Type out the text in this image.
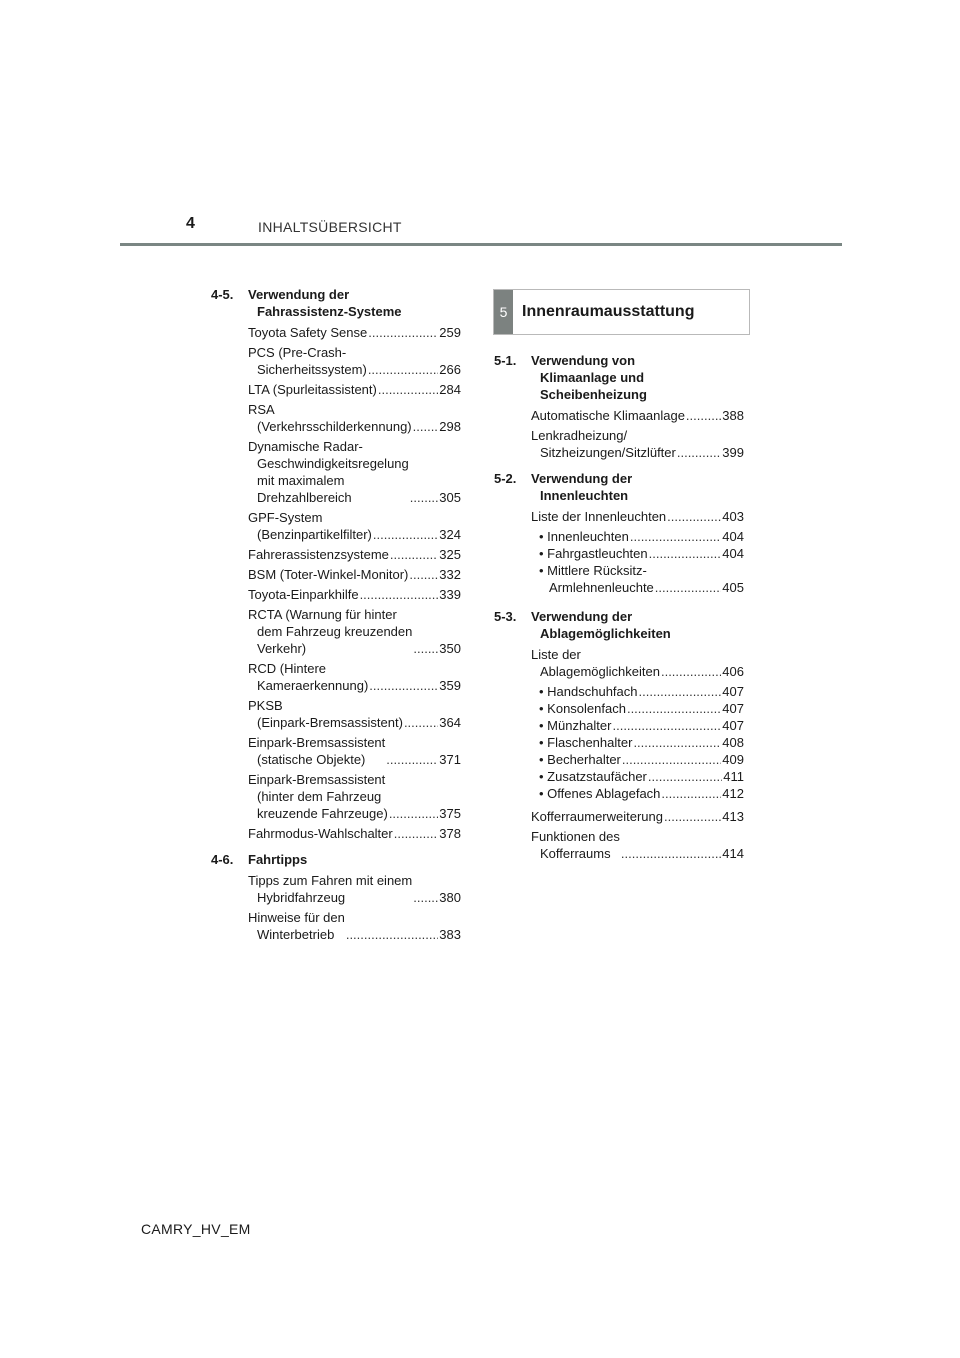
4	INHALTSÜBERSICHT
4-5.	Verwendung der
Fahrassistenz-Systeme
Toyota Safety Sense .....	259
PCS (Pre-Crash-
Sicherheitssystem) .....	266
LTA (Spurleitassistent) .....	284
RSA
(Verkehrsschilderkennung) ..... 298
Dynamische Radar-
Geschwindigkeitsregelung
mit maximalem
Drehzahlbereich .....	305
GPF-System
(Benzinpartikelfilter) .....	324
Fahrerassistenzsysteme .....	325
BSM (Toter-Winkel-Monitor) ..... 332
Toyota-Einparkhilfe .....	339
RCTA (Warnung für hinter
dem Fahrzeug kreuzenden
Verkehr) .....	350
RCD (Hintere
Kameraerkennung) .....	359
PKSB
(Einpark-Bremsassistent) .....	364
Einpark-Bremsassistent
(statische Objekte) .....	371
Einpark-Bremsassistent
(hinter dem Fahrzeug
kreuzende Fahrzeuge) .....	375
Fahrmodus-Wahlschalter .....	378
4-6.	Fahrtipps
Tipps zum Fahren mit einem
Hybridfahrzeug .....	380
Hinweise für den
Winterbetrieb .....	383
5 Innenraumausstattung
5-1.	Verwendung von
Klimaanlage und
Scheibenheizung
Automatische Klimaanlage .....	388
Lenkradheizung/
Sitzheizungen/Sitzlüfter .....	399
5-2.	Verwendung der
Innenleuchten
Liste der Innenleuchten .....	403
• Innenleuchten .....	404
• Fahrgastleuchten .....	404
• Mittlere Rücksitz-
Armlehnenleuchte .....	405
5-3.	Verwendung der
Ablagemöglichkeiten
Liste der
Ablagemöglichkeiten .....	406
• Handschuhfach .....	407
• Konsolenfach .....	407
• Münzhalter .....	407
• Flaschenhalter .....	408
• Becherhalter .....	409
• Zusatzstaufächer .....	411
• Offenes Ablagefach .....	412
Kofferraumerweiterung .....	413
Funktionen des
Kofferraums .....	414
CAMRY_HV_EM
